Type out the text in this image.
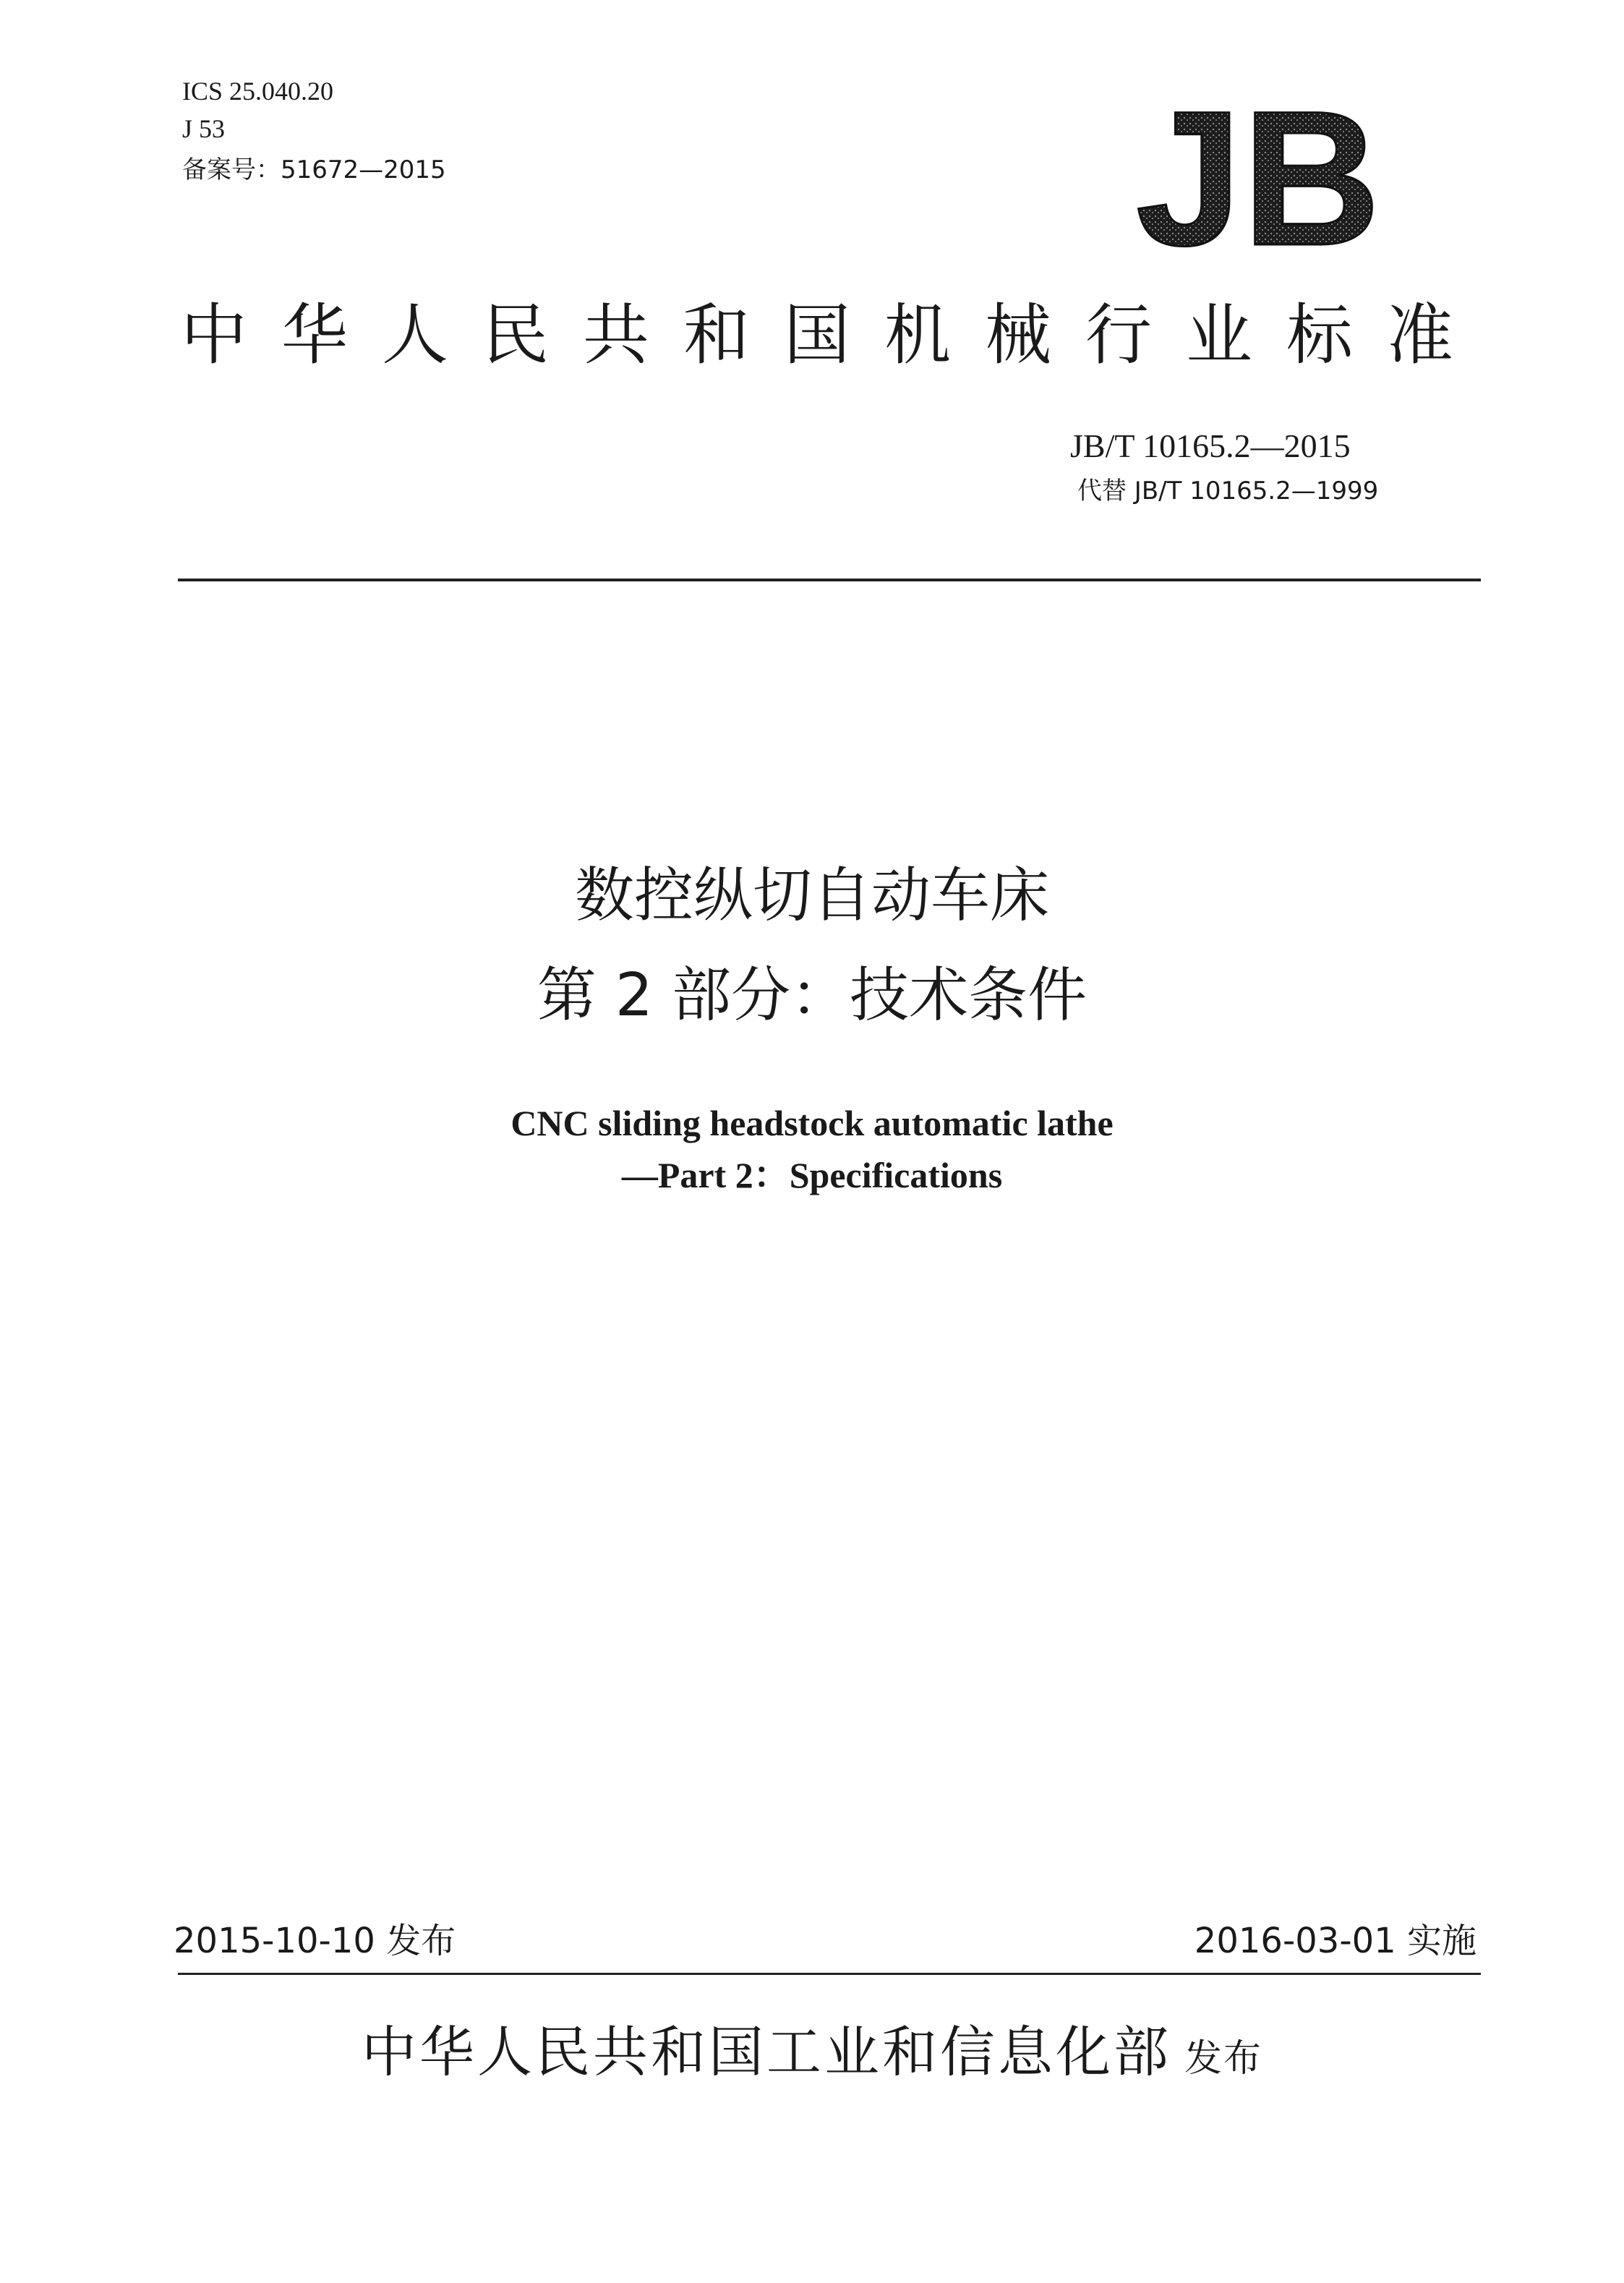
ICS 25.040.20
J 53
备案号：51672—2015	JB
中华人民共和国机械行业标准
JB/T 10165.2—2015
代替 JB/T 10165.2—1999
数控纵切自动车床
第 2 部分：技术条件
CNC sliding headstock automatic lathe
—Part 2：Specifications
2015-10-10 发布	2016-03-01 实施
中华人民共和国工业和信息化部 发布
